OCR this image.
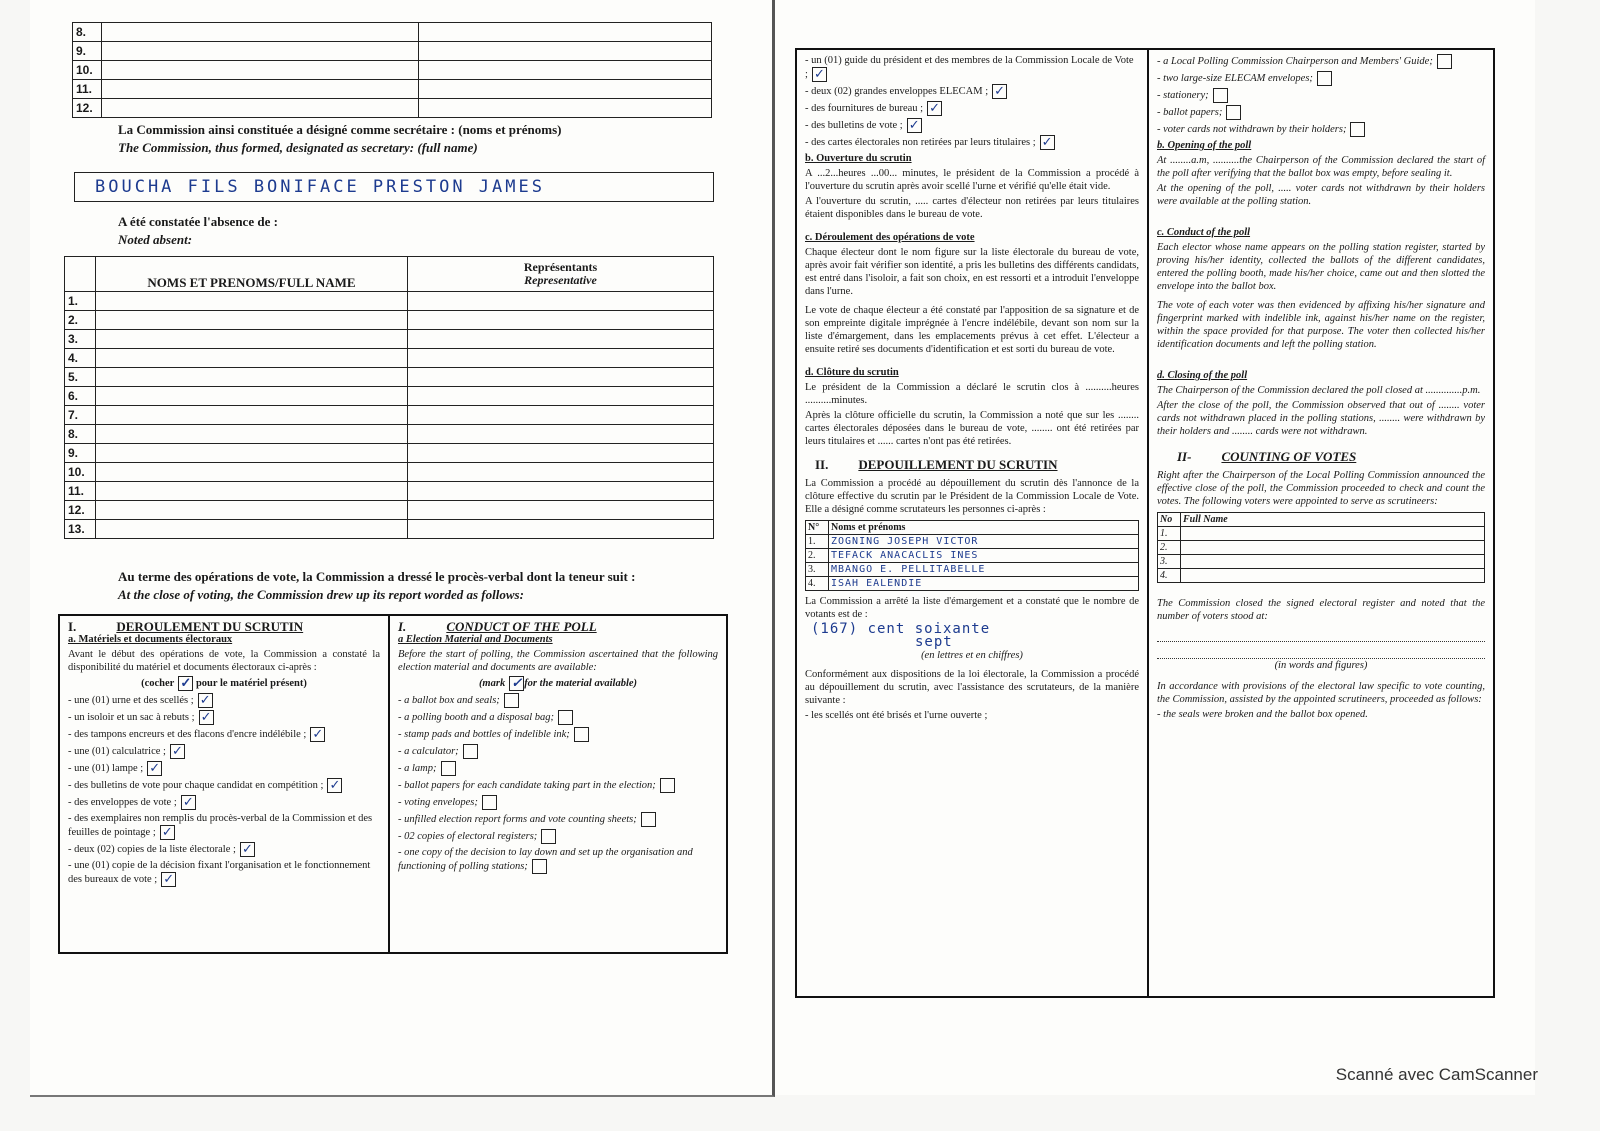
8.		
9.		
10.		
11.		
12.		

La Commission ainsi constituée a désigné comme secrétaire : (noms et prénoms)

The Commission, thus formed, designated as secretary: (full name)

BOUCHA FILS BONIFACE PRESTON JAMES

A été constatée l'absence de :

Noted absent:

	NOMS ET PRENOMS/FULL NAME	Représentants
Representative
1.		
2.		
3.		
4.		
5.		
6.		
7.		
8.		
9.		
10.		
11.		
12.		
13.		

Au terme des opérations de vote, la Commission a dressé le procès-verbal dont la teneur suit :

At the close of voting, the Commission drew up its report worded as follows:

I.	DEROULEMENT DU SCRUTIN

a. Matériels et documents électoraux

Avant le début des opérations de vote, la Commission a constaté la disponibilité du matériel et documents électoraux ci-après :

(cocher ✓ pour le matériel présent)

- une (01) urne et des scellés ; ✓

- un isoloir et un sac à rebuts ; ✓

- des tampons encreurs et des flacons d'encre indélébile ; ✓

- une (01) calculatrice ; ✓

- une (01) lampe ; ✓

- des bulletins de vote pour chaque candidat en compétition ; ✓

- des enveloppes de vote ; ✓

- des exemplaires non remplis du procès-verbal de la Commission et des feuilles de pointage ; ✓

- deux (02) copies de la liste électorale ; ✓

- une (01) copie de la décision fixant l'organisation et le fonctionnement des bureaux de vote ; ✓

I.	CONDUCT OF THE POLL

a Election Material and Documents

Before the start of polling, the Commission ascertained that the following election material and documents are available:

(mark ✓ for the material available)

- a ballot box and seals;

- a polling booth and a disposal bag;

- stamp pads and bottles of indelible ink;

- a calculator;

- a lamp;

- ballot papers for each candidate taking part in the election;

- voting envelopes;

- unfilled election report forms and vote counting sheets;

- 02 copies of electoral registers;

- one copy of the decision to lay down and set up the organisation and functioning of polling stations;

- un (01) guide du président et des membres de la Commission Locale de Vote ; ✓

- deux (02) grandes enveloppes ELECAM ; ✓

- des fournitures de bureau ; ✓

- des bulletins de vote ; ✓

- des cartes électorales non retirées par leurs titulaires ; ✓

b. Ouverture du scrutin

A ...2...heures ...00... minutes, le président de la Commission a procédé à l'ouverture du scrutin après avoir scellé l'urne et vérifié qu'elle était vide.

A l'ouverture du scrutin, ..... cartes d'électeur non retirées par leurs titulaires étaient disponibles dans le bureau de vote.

c. Déroulement des opérations de vote

Chaque électeur dont le nom figure sur la liste électorale du bureau de vote, après avoir fait vérifier son identité, a pris les bulletins des différents candidats, est entré dans l'isoloir, a fait son choix, en est ressorti et a introduit l'enveloppe dans l'urne.

Le vote de chaque électeur a été constaté par l'apposition de sa signature et de son empreinte digitale imprégnée à l'encre indélébile, devant son nom sur la liste d'émargement, dans les emplacements prévus à cet effet. L'électeur a ensuite retiré ses documents d'identification et est sorti du bureau de vote.

d. Clôture du scrutin

Le président de la Commission a déclaré le scrutin clos à ..........heures ..........minutes.

Après la clôture officielle du scrutin, la Commission a noté que sur les ........ cartes électorales déposées dans le bureau de vote, ........ ont été retirées par leurs titulaires et ...... cartes n'ont pas été retirées.

II. DEPOUILLEMENT DU SCRUTIN

La Commission a procédé au dépouillement du scrutin dès l'annonce de la clôture effective du scrutin par le Président de la Commission Locale de Vote. Elle a désigné comme scrutateurs les personnes ci-après :

N°	Noms et prénoms
1.	ZOGNING JOSEPH VICTOR
2.	TEFACK ANACACLIS INES
3.	MBANGO E. PELLITABELLE
4.	ISAH EALENDIE

La Commission a arrêté la liste d'émargement et a constaté que le nombre de votants est de :

(167) cent soixante

sept

(en lettres et en chiffres)

Conformément aux dispositions de la loi électorale, la Commission a procédé au dépouillement du scrutin, avec l'assistance des scrutateurs, de la manière suivante :

- les scellés ont été brisés et l'urne ouverte ;

- a Local Polling Commission Chairperson and Members' Guide;

- two large-size ELECAM envelopes;

- stationery;

- ballot papers;

- voter cards not withdrawn by their holders;

b. Opening of the poll

At ........a.m, ..........the Chairperson of the Commission declared the start of the poll after verifying that the ballot box was empty, before sealing it.

At the opening of the poll, ..... voter cards not withdrawn by their holders were available at the polling station.

c. Conduct of the poll

Each elector whose name appears on the polling station register, started by proving his/her identity, collected the ballots of the different candidates, entered the polling booth, made his/her choice, came out and then slotted the envelope into the ballot box.

The vote of each voter was then evidenced by affixing his/her signature and fingerprint marked with indelible ink, against his/her name on the register, within the space provided for that purpose. The voter then collected his/her identification documents and left the polling station.

d. Closing of the poll

The Chairperson of the Commission declared the poll closed at ..............p.m.

After the close of the poll, the Commission observed that out of ........ voter cards not withdrawn placed in the polling stations, ........ were withdrawn by their holders and ........ cards were not withdrawn.

II- COUNTING OF VOTES

Right after the Chairperson of the Local Polling Commission announced the effective close of the poll, the Commission proceeded to check and count the votes. The following voters were appointed to serve as scrutineers:

No	Full Name
1.	
2.	
3.	
4.	

The Commission closed the signed electoral register and noted that the number of voters stood at:

(in words and figures)

In accordance with provisions of the electoral law specific to vote counting, the Commission, assisted by the appointed scrutineers, proceeded as follows:

- the seals were broken and the ballot box opened.

Scanné avec CamScanner
